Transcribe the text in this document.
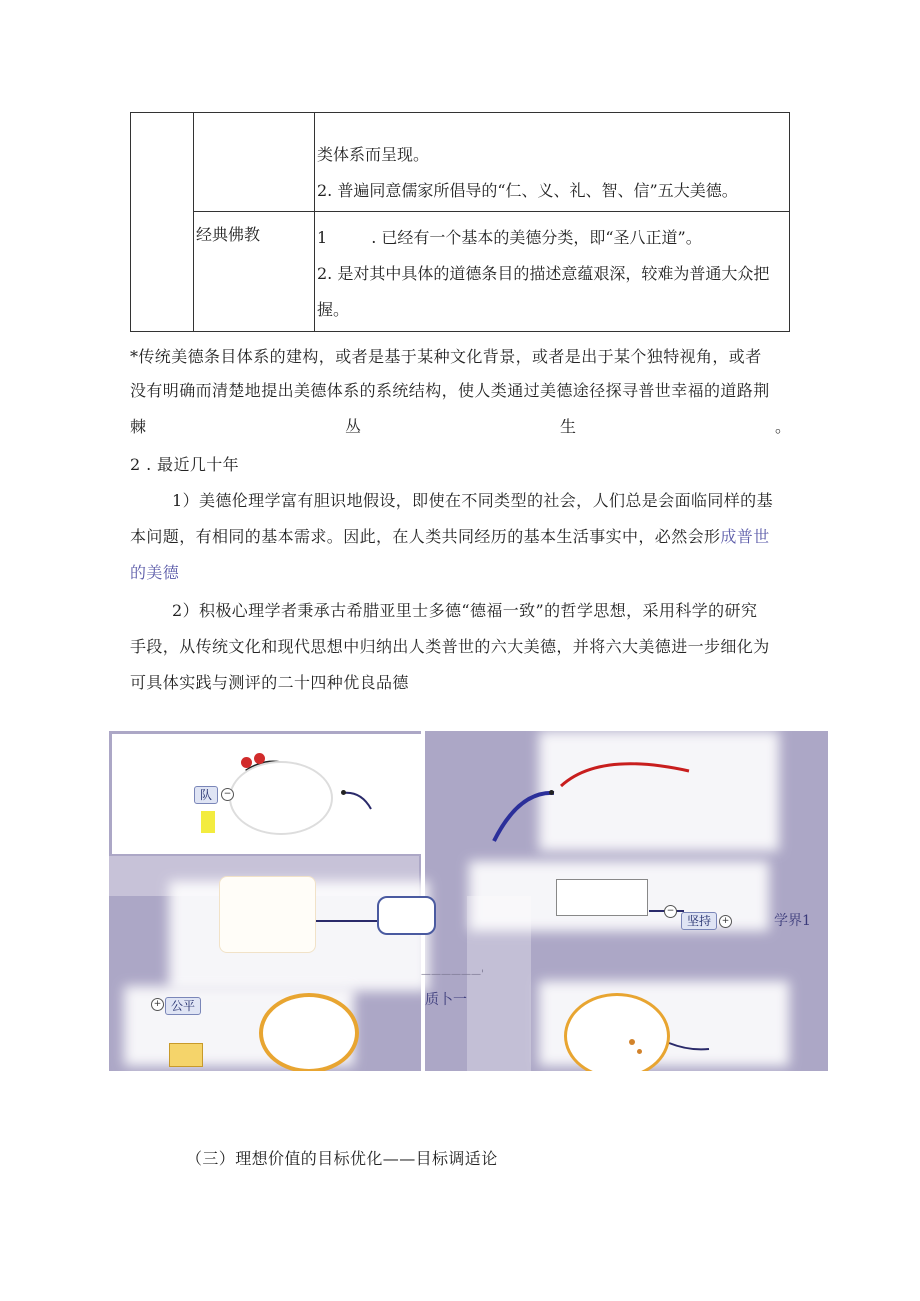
		类体系而呈现。
2. 普遍同意儒家所倡导的“仁、义、礼、智、信”五大美德。

	经典佛教	1 . 已经有一个基本的美德分类，即“圣八正道”。
2. 是对其中具体的道德条目的描述意蕴艰深，较难为普通大众把
握。
*传统美德条目体系的建构，或者是基于某种文化背景，或者是出于某个独特视角，或者
没有明确而清楚地提出美德体系的系统结构，使人类通过美德途径探寻普世幸福的道路荆
棘	丛	生	。
2 . 最近几十年
1）美德伦理学富有胆识地假设，即使在不同类型的社会，人们总是会面临同样的基
本问题，有相同的基本需求。因此，在人类共同经历的基本生活事实中，必然会形成普世
的美德
2）积极心理学者秉承古希腊亚里士多德“德福一致”的哲学思想，采用科学的研究
手段，从传统文化和现代思想中归纳出人类普世的六大美德，并将六大美德进一步细化为
可具体实践与测评的二十四种优良品德
队	−
+ 公平
−
坚持	+	学界1
质卜一
——————'
（三）理想价值的目标优化——目标调适论
